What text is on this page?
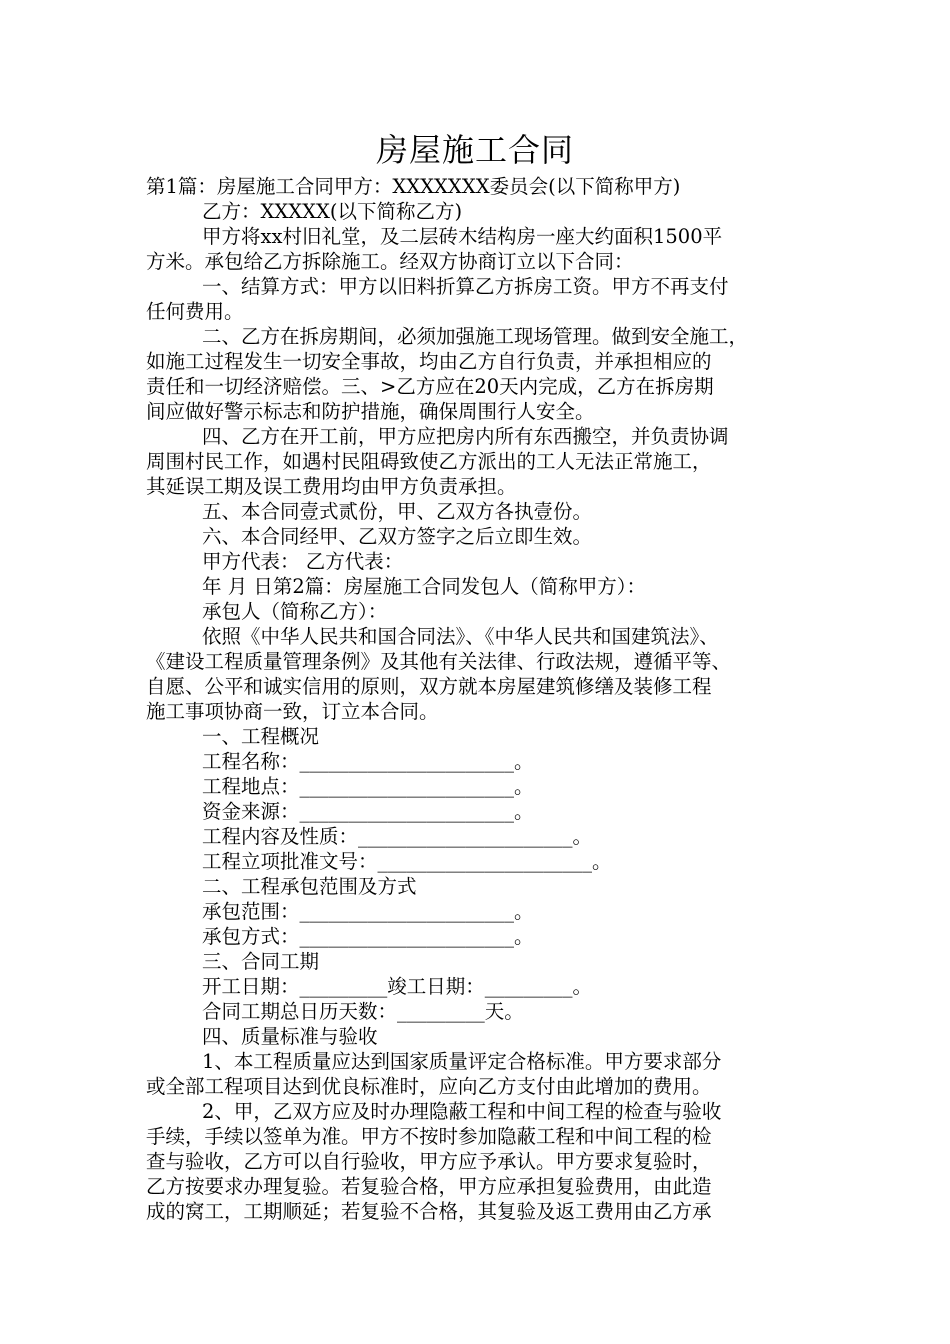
房屋施工合同
第1篇：房屋施工合同甲方：XXXXXXX委员会(以下简称甲方)
乙方：XXXXX(以下简称乙方)
甲方将xx村旧礼堂，及二层砖木结构房一座大约面积1500平
方米。承包给乙方拆除施工。经双方协商订立以下合同：
一、结算方式：甲方以旧料折算乙方拆房工资。甲方不再支付
任何费用。
二、乙方在拆房期间，必须加强施工现场管理。做到安全施工，
如施工过程发生一切安全事故，均由乙方自行负责，并承担相应的
责任和一切经济赔偿。三、>乙方应在20天内完成，乙方在拆房期
间应做好警示标志和防护措施，确保周围行人安全。
四、乙方在开工前，甲方应把房内所有东西搬空，并负责协调
周围村民工作，如遇村民阻碍致使乙方派出的工人无法正常施工，
其延误工期及误工费用均由甲方负责承担。
五、本合同壹式贰份，甲、乙双方各执壹份。
六、本合同经甲、乙双方签字之后立即生效。
甲方代表： 乙方代表：
年 月 日第2篇：房屋施工合同发包人（简称甲方）：
承包人（简称乙方）：
依照《中华人民共和国合同法》、《中华人民共和国建筑法》、
《建设工程质量管理条例》及其他有关法律、行政法规，遵循平等、
自愿、公平和诚实信用的原则，双方就本房屋建筑修缮及装修工程
施工事项协商一致，订立本合同。
一、工程概况
工程名称：______________________。
工程地点：______________________。
资金来源：______________________。
工程内容及性质：______________________。
工程立项批准文号：______________________。
二、工程承包范围及方式
承包范围：______________________。
承包方式：______________________。
三、合同工期
开工日期：_________竣工日期：_________。
合同工期总日历天数：_________天。
四、质量标准与验收
1、本工程质量应达到国家质量评定合格标准。甲方要求部分
或全部工程项目达到优良标准时，应向乙方支付由此增加的费用。
2、甲，乙双方应及时办理隐蔽工程和中间工程的检查与验收
手续，手续以签单为准。甲方不按时参加隐蔽工程和中间工程的检
查与验收，乙方可以自行验收，甲方应予承认。甲方要求复验时，
乙方按要求办理复验。若复验合格，甲方应承担复验费用，由此造
成的窝工，工期顺延；若复验不合格，其复验及返工费用由乙方承
